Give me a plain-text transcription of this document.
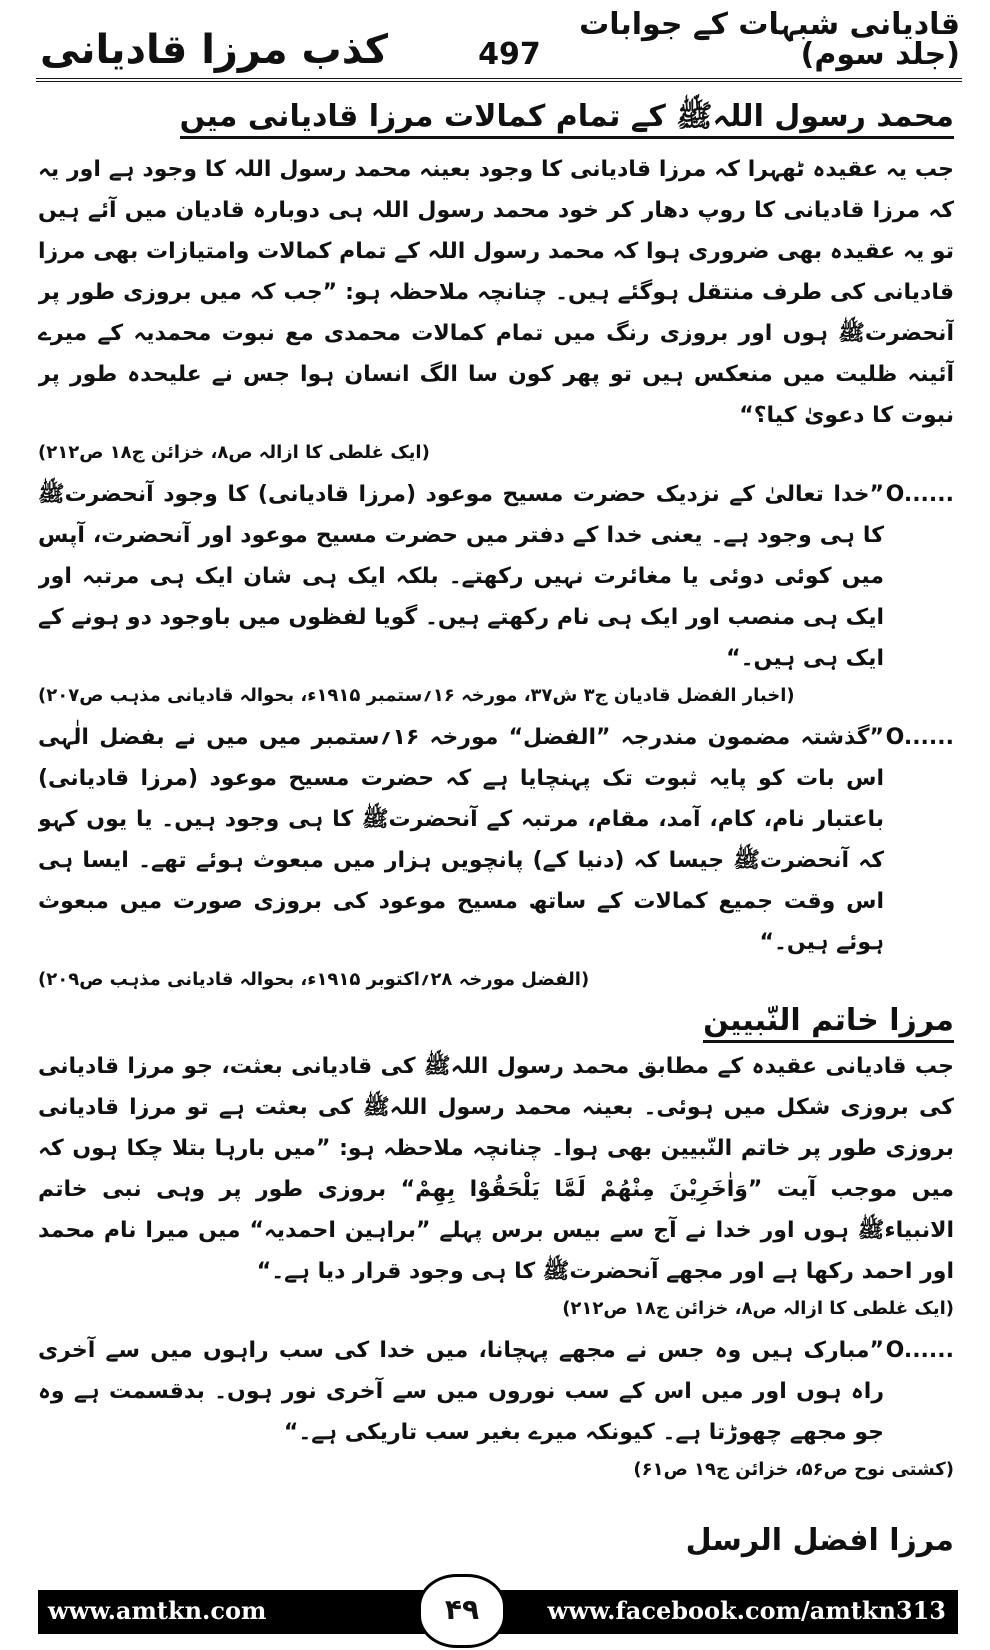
کذب مرزا قادیانی	497
قادیانی شبہات کے جوابات (جلد سوم)
محمد رسول اللہﷺ کے تمام کمالات مرزا قادیانی میں

جب یہ عقیدہ ٹھہرا کہ مرزا قادیانی کا وجود بعینہ محمد رسول اللہ کا وجود ہے اور یہ کہ مرزا قادیانی کا روپ دھار کر خود محمد رسول اللہ ہی دوبارہ قادیان میں آئے ہیں تو یہ عقیدہ بھی ضروری ہوا کہ محمد رسول اللہ کے تمام کمالات وامتیازات بھی مرزا قادیانی کی طرف منتقل ہوگئے ہیں۔ چنانچہ ملاحظہ ہو: ”جب کہ میں بروزی طور پر آنحضرتﷺ ہوں اور بروزی رنگ میں تمام کمالات محمدی مع نبوت محمدیہ کے میرے آئینہ ظلیت میں منعکس ہیں تو پھر کون سا الگ انسان ہوا جس نے علیحدہ طور پر نبوت کا دعویٰ کیا؟“

(ایک غلطی کا ازالہ ص۸، خزائن ج۱۸ ص۲۱۲)

O......
”خدا تعالیٰ کے نزدیک حضرت مسیح موعود (مرزا قادیانی) کا وجود آنحضرتﷺ کا ہی وجود ہے۔ یعنی خدا کے دفتر میں حضرت مسیح موعود اور آنحضرت، آپس میں کوئی دوئی یا مغائرت نہیں رکھتے۔ بلکہ ایک ہی شان ایک ہی مرتبہ اور ایک ہی منصب اور ایک ہی نام رکھتے ہیں۔ گویا لفظوں میں باوجود دو ہونے کے ایک ہی ہیں۔“

(اخبار الفضل قادیان ج۳ ش۳۷، مورخہ ۱۶؍ستمبر ۱۹۱۵ء، بحوالہ قادیانی مذہب ص۲۰۷)

O......
”گذشتہ مضمون مندرجہ ”الفضل“ مورخہ ۱۶؍ستمبر میں میں نے بفضل الٰہی اس بات کو پایہ ثبوت تک پہنچایا ہے کہ حضرت مسیح موعود (مرزا قادیانی) باعتبار نام، کام، آمد، مقام، مرتبہ کے آنحضرتﷺ کا ہی وجود ہیں۔ یا یوں کہو کہ آنحضرتﷺ جیسا کہ (دنیا کے) پانچویں ہزار میں مبعوث ہوئے تھے۔ ایسا ہی اس وقت جمیع کمالات کے ساتھ مسیح موعود کی بروزی صورت میں مبعوث ہوئے ہیں۔“

(الفضل مورخہ ۲۸؍اکتوبر ۱۹۱۵ء، بحوالہ قادیانی مذہب ص۲۰۹)

مرزا خاتم النّبیین

جب قادیانی عقیدہ کے مطابق محمد رسول اللہﷺ کی قادیانی بعثت، جو مرزا قادیانی کی بروزی شکل میں ہوئی۔ بعینہ محمد رسول اللہﷺ کی بعثت ہے تو مرزا قادیانی بروزی طور پر خاتم النّبیین بھی ہوا۔ چنانچہ ملاحظہ ہو: ”میں بارہا بتلا چکا ہوں کہ میں موجب آیت ”وَاٰخَرِیْنَ مِنْهُمْ لَمَّا یَلْحَقُوْا بِهِمْ“ بروزی طور پر وہی نبی خاتم الانبیاءﷺ ہوں اور خدا نے آج سے بیس برس پہلے ”براہین احمدیہ“ میں میرا نام محمد اور احمد رکھا ہے اور مجھے آنحضرتﷺ کا ہی وجود قرار دیا ہے۔“

(ایک غلطی کا ازالہ ص۸، خزائن ج۱۸ ص۲۱۲)

O......
”مبارک ہیں وہ جس نے مجھے پہچانا، میں خدا کی سب راہوں میں سے آخری راہ ہوں اور میں اس کے سب نوروں میں سے آخری نور ہوں۔ بدقسمت ہے وہ جو مجھے چھوڑتا ہے۔ کیونکہ میرے بغیر سب تاریکی ہے۔“

(کشتی نوح ص۵۶، خزائن ج۱۹ ص۶۱)

مرزا افضل الرسل

www.amtkn.com	۴۹	www.facebook.com/amtkn313
